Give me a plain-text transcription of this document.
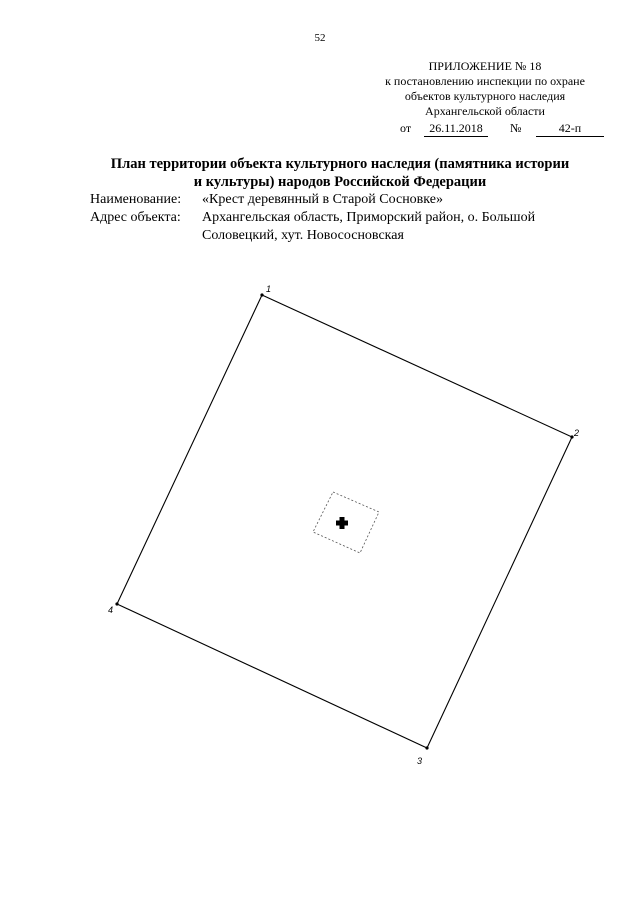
52
ПРИЛОЖЕНИЕ № 18
к постановлению инспекции по охране
объектов культурного наследия
Архангельской области
от	26.11.2018	№	42-п
План территории объекта культурного наследия (памятника истории
и культуры) народов Российской Федерации
Наименование: «Крест деревянный в Старой Сосновке»
Адрес объекта: Архангельская область, Приморский район, о. Большой
Соловецкий, хут. Новососновская
1
2
3
4
